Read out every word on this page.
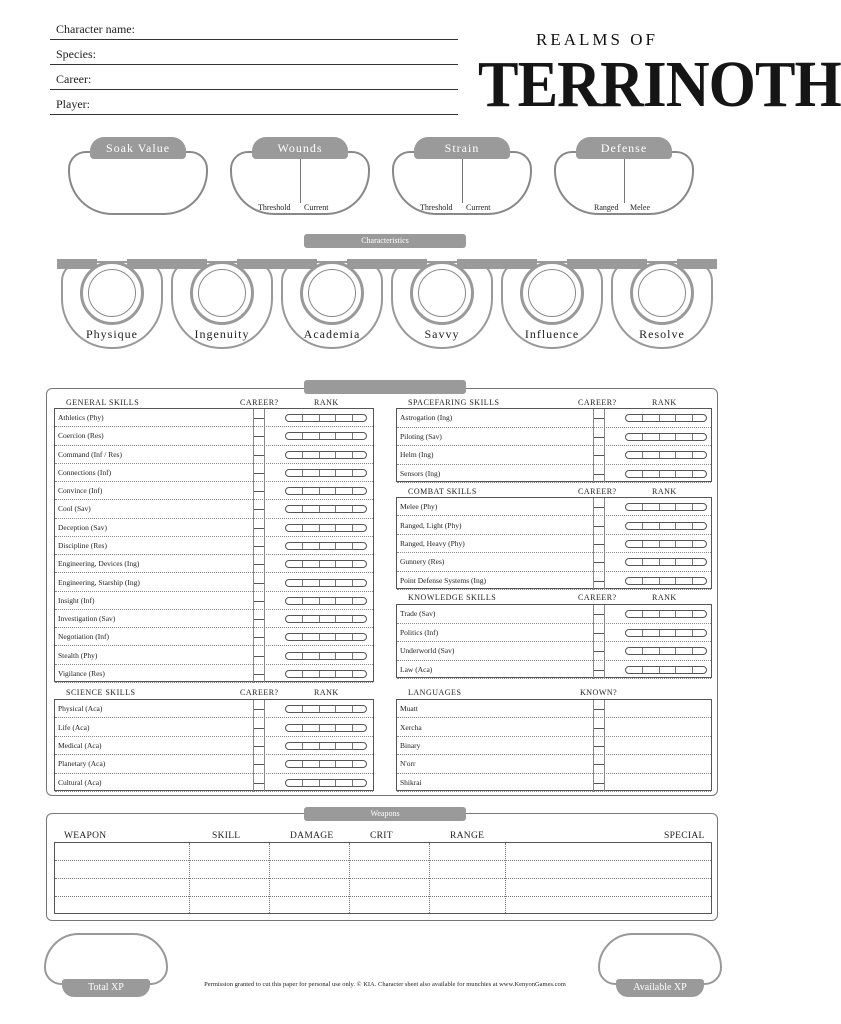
Character name:
Species:
Career:
Player:
REALMS OF
TERRINOTH
Soak Value	Wounds
Threshold Current
Strain
Threshold Current
Defense
Ranged Melee
Characteristics
Physique	Ingenuity	Academia	Savvy	Influence	Resolve
GENERAL SKILLS	CAREER?	RANK
Athletics (Phy)
Coercion (Res)
Command (Inf / Res)
Connections (Inf)
Convince (Inf)
Cool (Sav)
Deception (Sav)
Discipline (Res)
Engineering, Devices (Ing)
Engineering, Starship (Ing)
Insight (Inf)
Investigation (Sav)
Negotiation (Inf)
Stealth (Phy)
Vigilance (Res)
SCIENCE SKILLS	CAREER?	RANK
Physical (Aca)
Life (Aca)
Medical (Aca)
Planetary (Aca)
Cultural (Aca)
SPACEFARING SKILLS	CAREER?	RANK
Astrogation (Ing)
Piloting (Sav)
Helm (Ing)
Sensors (Ing)
COMBAT SKILLS	CAREER?	RANK
Melee (Phy)
Ranged, Light (Phy)
Ranged, Heavy (Phy)
Gunnery (Res)
Point Defense Systems (Ing)
KNOWLEDGE SKILLS	CAREER?	RANK
Trade (Sav)
Politics (Inf)
Underworld (Sav)
Law (Aca)
LANGUAGES	KNOWN?
Muatt
Xercha
Binary
N'orr
Shikrai
Weapons
WEAPON	SKILL	DAMAGE	CRIT	RANGE	SPECIAL
Total XP	Available XP
Permission granted to cut this paper for personal use only. © KIA. Character sheet also available for munchies at www.KenyonGames.com
